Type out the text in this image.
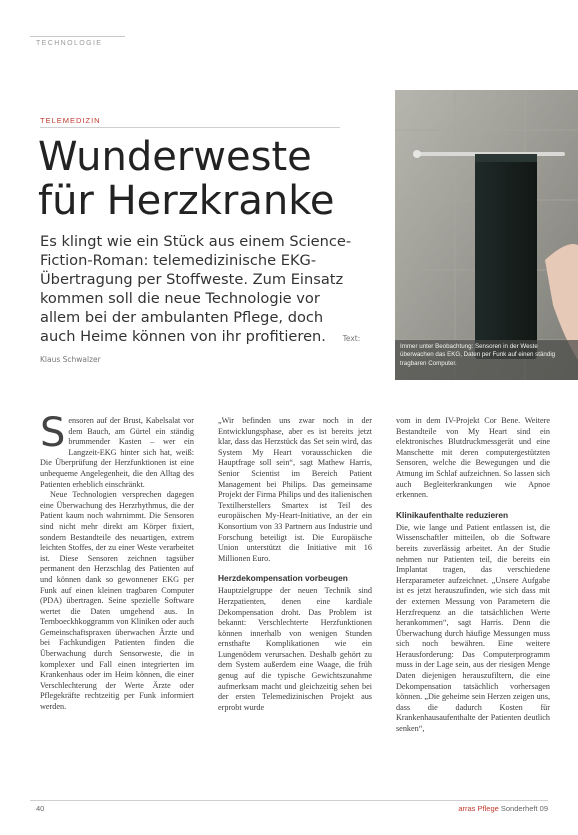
TECHNOLOGIE
TELEMEDIZIN
Wunderweste
für Herzkranke
Es klingt wie ein Stück aus einem Science-Fiction-Roman: telemedizinische EKG-Übertragung per Stoffweste. Zum Einsatz kommen soll die neue Technologie vor allem bei der ambulanten Pflege, doch auch Heime können von ihr profitieren. Text: Klaus Schwalzer
Immer unter Beobachtung: Sensoren in der Weste überwachen das EKG, Daten per Funk auf einen ständig tragbaren Computer.

Sensoren auf der Brust, Kabelsalat vor dem Bauch, am Gürtel ein ständig brummender Kasten – wer ein Langzeit-EKG hinter sich hat, weiß: Die Überprüfung der Herzfunktionen ist eine unbequeme Angelegenheit, die den Alltag des Patienten erheblich einschränkt.

Neue Technologien versprechen dagegen eine Überwachung des Herzrhythmus, die der Patient kaum noch wahrnimmt. Die Sensoren sind nicht mehr direkt am Körper fixiert, sondern Bestandteile des neuartigen, extrem leichten Stoffes, der zu einer Weste verarbeitet ist. Diese Sensoren zeichnen tagsüber permanent den Herzschlag des Patienten auf und können dank so gewonnener EKG per Funk auf einen kleinen tragbaren Computer (PDA) übertragen. Seine spezielle Software wertet die Daten umgehend aus. In Ternboeckhkoggramm von Kliniken oder auch Gemeinschaftspraxen überwachen Ärzte und bei Fachkundigen Patienten finden die Überwachung durch Sensorweste, die in komplexer und Fall einen integrierten im Krankenhaus oder im Heim können, die einer Verschlechterung der Werte Ärzte oder Pflegekräfte rechtzeitig per Funk informiert werden.

„Wir befinden uns zwar noch in der Entwicklungsphase, aber es ist bereits jetzt klar, dass das Herzstück das Set sein wird, das System My Heart vorausschicken die Hauptfrage soll sein“, sagt Mathew Harris, Senior Scientist im Bereich Patient Management bei Philips. Das gemeinsame Projekt der Firma Philips und des italienischen Textilherstellers Smartex ist Teil des europäischen My-Heart-Initiative, an der ein Konsortium von 33 Partnern aus Industrie und Forschung beteiligt ist. Die Europäische Union unterstützt die Initiative mit 16 Millionen Euro.

Herzdekompensation vorbeugen

Hauptzielgruppe der neuen Technik sind Herzpatienten, denen eine kardiale Dekompensation droht. Das Problem ist bekannt: Verschlechterte Herzfunktionen können innerhalb von wenigen Stunden ernsthafte Komplikationen wie ein Lungenödem verursachen. Deshalb gehört zu dem System außerdem eine Waage, die früh genug auf die typische Gewichtszunahme aufmerksam macht und gleichzeitig sehen bei der ersten Telemedizinischen Projekt aus erprobt wurde

vom in dem IV-Projekt Cor Bene. Weitere Bestandteile von My Heart sind ein elektronisches Blutdruckmessgerät und eine Manschette mit deren computergestützten Sensoren, welche die Bewegungen und die Atmung im Schlaf aufzeichnen. So lassen sich auch Begleiterkrankungen wie Apnoe erkennen.

Klinikaufenthalte reduzieren

Die, wie lange und Patient entlassen ist, die Wissenschaftler mitteilen, ob die Software bereits zuverlässig arbeitet. An der Studie nehmen nur Patienten teil, die bereits ein Implantat tragen, das verschiedene Herzparameter aufzeichnet. „Unsere Aufgabe ist es jetzt herauszufinden, wie sich dass mit der externen Messung von Parametern die Herzfrequenz an die tatsächlichen Werte herankommen“, sagt Harris. Denn die Überwachung durch häufige Messungen muss sich noch bewähren. Eine weitere Herausforderung: Das Computerprogramm muss in der Lage sein, aus der riesigen Menge Daten diejenigen herauszufiltern, die eine Dekompensation tatsächlich vorhersagen können. „Die geheime sein Herzen zeigen uns, dass die dadurch Kosten für Krankenhausaufenthalte der Patienten deutlich senken“,

40	arras Pflege Sonderheft 09
